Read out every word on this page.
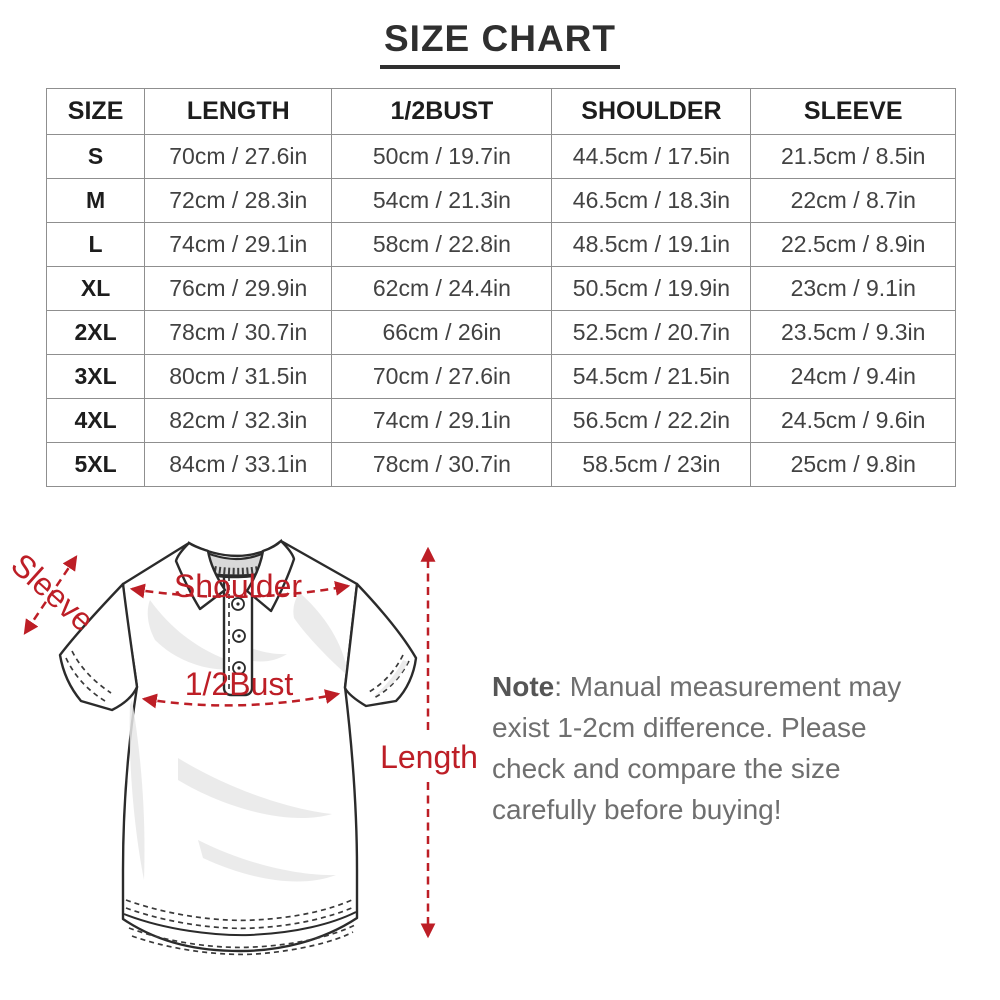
SIZE CHART
SIZE	LENGTH	1/2BUST	SHOULDER	SLEEVE
S	70cm / 27.6in	50cm / 19.7in	44.5cm / 17.5in	21.5cm / 8.5in
M	72cm / 28.3in	54cm / 21.3in	46.5cm / 18.3in	22cm / 8.7in
L	74cm / 29.1in	58cm / 22.8in	48.5cm / 19.1in	22.5cm / 8.9in
XL	76cm / 29.9in	62cm / 24.4in	50.5cm / 19.9in	23cm / 9.1in
2XL	78cm / 30.7in	66cm / 26in	52.5cm / 20.7in	23.5cm / 9.3in
3XL	80cm / 31.5in	70cm / 27.6in	54.5cm / 21.5in	24cm / 9.4in
4XL	82cm / 32.3in	74cm / 29.1in	56.5cm / 22.2in	24.5cm / 9.6in
5XL	84cm / 33.1in	78cm / 30.7in	58.5cm / 23in	25cm / 9.8in
Shoulder
1/2Bust
Sleeve
Length
Note: Manual measurement may
exist 1-2cm difference. Please
check and compare the size
carefully before buying!
